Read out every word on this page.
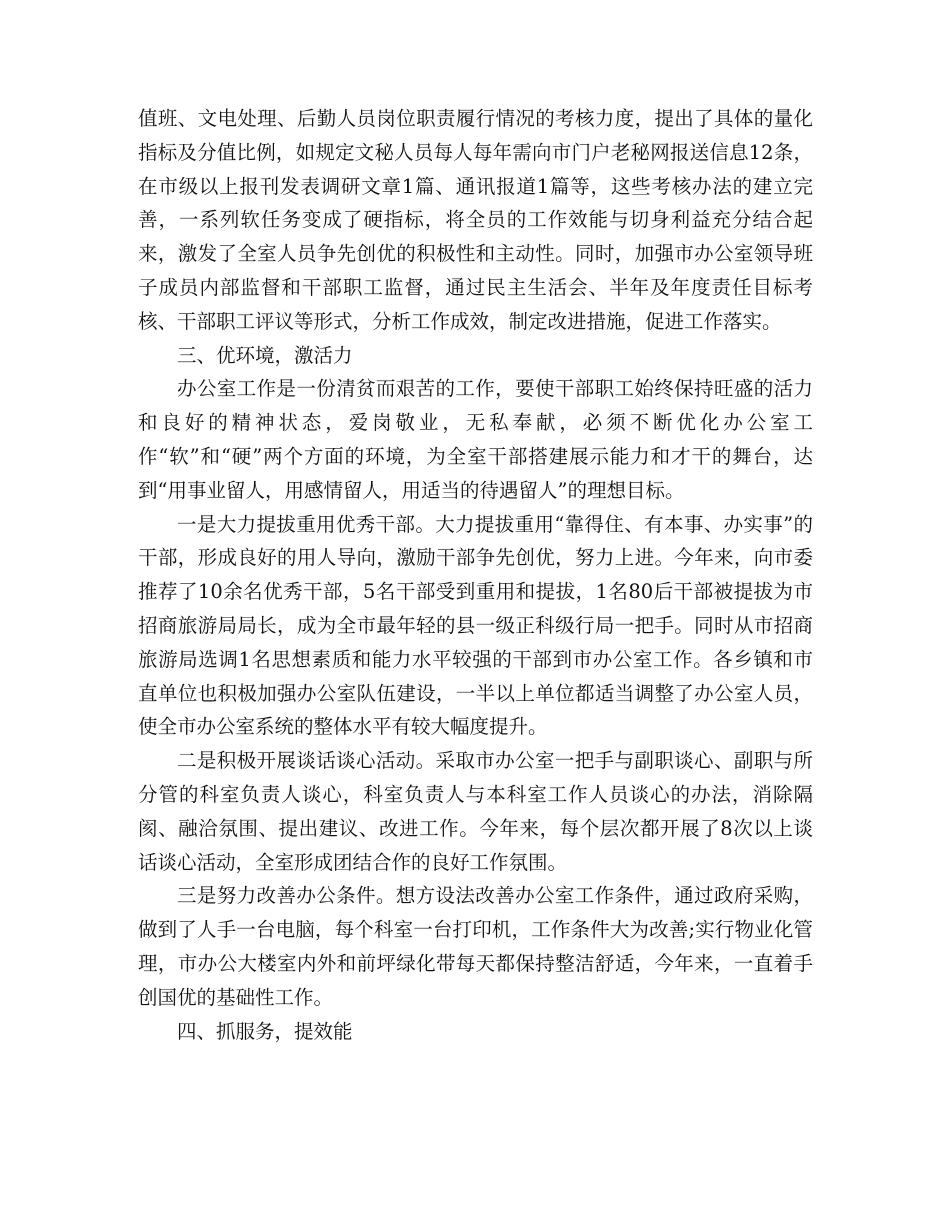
值班、文电处理、后勤人员岗位职责履行情况的考核力度，提出了具体的量化指标及分值比例，如规定文秘人员每人每年需向市门户老秘网报送信息12条，在市级以上报刊发表调研文章1篇、通讯报道1篇等，这些考核办法的建立完善，一系列软任务变成了硬指标，将全员的工作效能与切身利益充分结合起来，激发了全室人员争先创优的积极性和主动性。同时，加强市办公室领导班子成员内部监督和干部职工监督，通过民主生活会、半年及年度责任目标考核、干部职工评议等形式，分析工作成效，制定改进措施，促进工作落实。

三、优环境，激活力

办公室工作是一份清贫而艰苦的工作，要使干部职工始终保持旺盛的活力和良好的精神状态，爱岗敬业，无私奉献，必须不断优化办公室工作“软”和“硬”两个方面的环境，为全室干部搭建展示能力和才干的舞台，达到“用事业留人，用感情留人，用适当的待遇留人”的理想目标。

一是大力提拔重用优秀干部。大力提拔重用“靠得住、有本事、办实事”的干部，形成良好的用人导向，激励干部争先创优，努力上进。今年来，向市委推荐了10余名优秀干部，5名干部受到重用和提拔，1名80后干部被提拔为市招商旅游局局长，成为全市最年轻的县一级正科级行局一把手。同时从市招商旅游局选调1名思想素质和能力水平较强的干部到市办公室工作。各乡镇和市直单位也积极加强办公室队伍建设，一半以上单位都适当调整了办公室人员，使全市办公室系统的整体水平有较大幅度提升。

二是积极开展谈话谈心活动。采取市办公室一把手与副职谈心、副职与所分管的科室负责人谈心，科室负责人与本科室工作人员谈心的办法，消除隔阂、融洽氛围、提出建议、改进工作。今年来，每个层次都开展了8次以上谈话谈心活动，全室形成团结合作的良好工作氛围。

三是努力改善办公条件。想方设法改善办公室工作条件，通过政府采购，做到了人手一台电脑，每个科室一台打印机，工作条件大为改善;实行物业化管理，市办公大楼室内外和前坪绿化带每天都保持整洁舒适，今年来，一直着手创国优的基础性工作。

四、抓服务，提效能
